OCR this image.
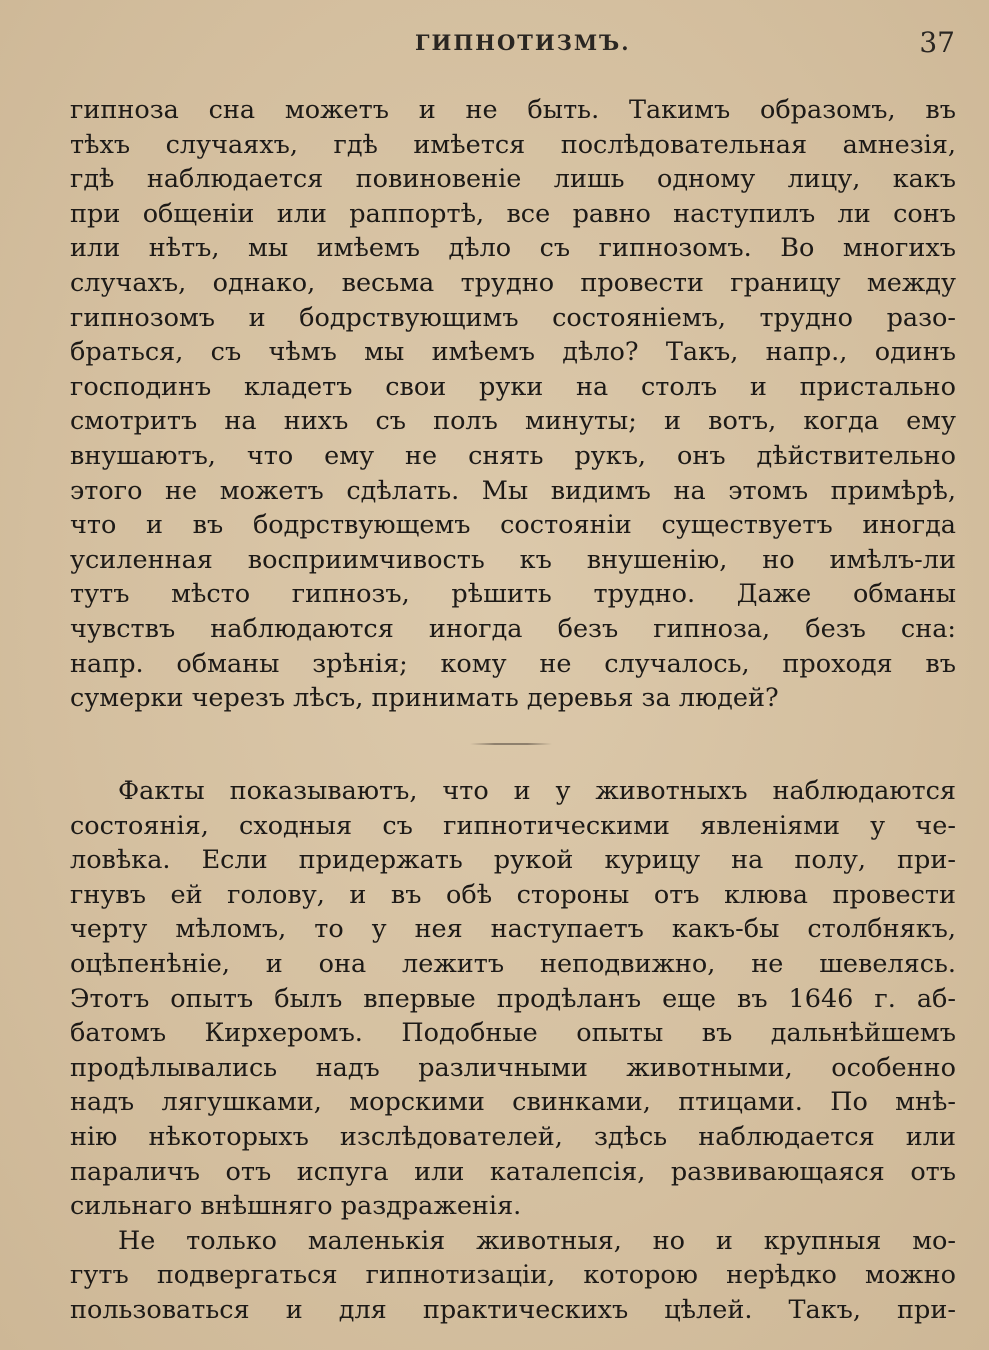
ГИПНОТИЗМЪ.	37
гипноза сна можетъ и не быть. Такимъ образомъ, въ
тѣхъ случаяхъ, гдѣ имѣется послѣдовательная амнезія,
гдѣ наблюдается повиновеніе лишь одному лицу, какъ
при общеніи или раппортѣ, все равно наступилъ ли сонъ
или нѣтъ, мы имѣемъ дѣло съ гипнозомъ. Во многихъ
случахъ, однако, весьма трудно провести границу между
гипнозомъ и бодрствующимъ состояніемъ, трудно разо-
браться, съ чѣмъ мы имѣемъ дѣло? Такъ, напр., одинъ
господинъ кладетъ свои руки на столъ и пристально
смотритъ на нихъ съ полъ минуты; и вотъ, когда ему
внушаютъ, что ему не снять рукъ, онъ дѣйствительно
этого не можетъ сдѣлать. Мы видимъ на этомъ примѣрѣ,
что и въ бодрствующемъ состояніи существуетъ иногда
усиленная восприимчивость къ внушенію, но имѣлъ-ли
тутъ мѣсто гипнозъ, рѣшить трудно. Даже обманы
чувствъ наблюдаются иногда безъ гипноза, безъ сна:
напр. обманы зрѣнія; кому не случалось, проходя въ
сумерки черезъ лѣсъ, принимать деревья за людей?
Факты показываютъ, что и у животныхъ наблюдаются
состоянія, сходныя съ гипнотическими явленіями у че-
ловѣка. Если придержать рукой курицу на полу, при-
гнувъ ей голову, и въ обѣ стороны отъ клюва провести
черту мѣломъ, то у нея наступаетъ какъ-бы столбнякъ,
оцѣпенѣніе, и она лежитъ неподвижно, не шевелясь.
Этотъ опытъ былъ впервые продѣланъ еще въ 1646 г. аб-
батомъ Кирхеромъ. Подобные опыты въ дальнѣйшемъ
продѣлывались надъ различными животными, особенно
надъ лягушками, морскими свинками, птицами. По мнѣ-
нію нѣкоторыхъ изслѣдователей, здѣсь наблюдается или
параличъ отъ испуга или каталепсія, развивающаяся отъ
сильнаго внѣшняго раздраженія.
Не только маленькія животныя, но и крупныя мо-
гутъ подвергаться гипнотизаціи, которою нерѣдко можно
пользоваться и для практическихъ цѣлей. Такъ, при-
